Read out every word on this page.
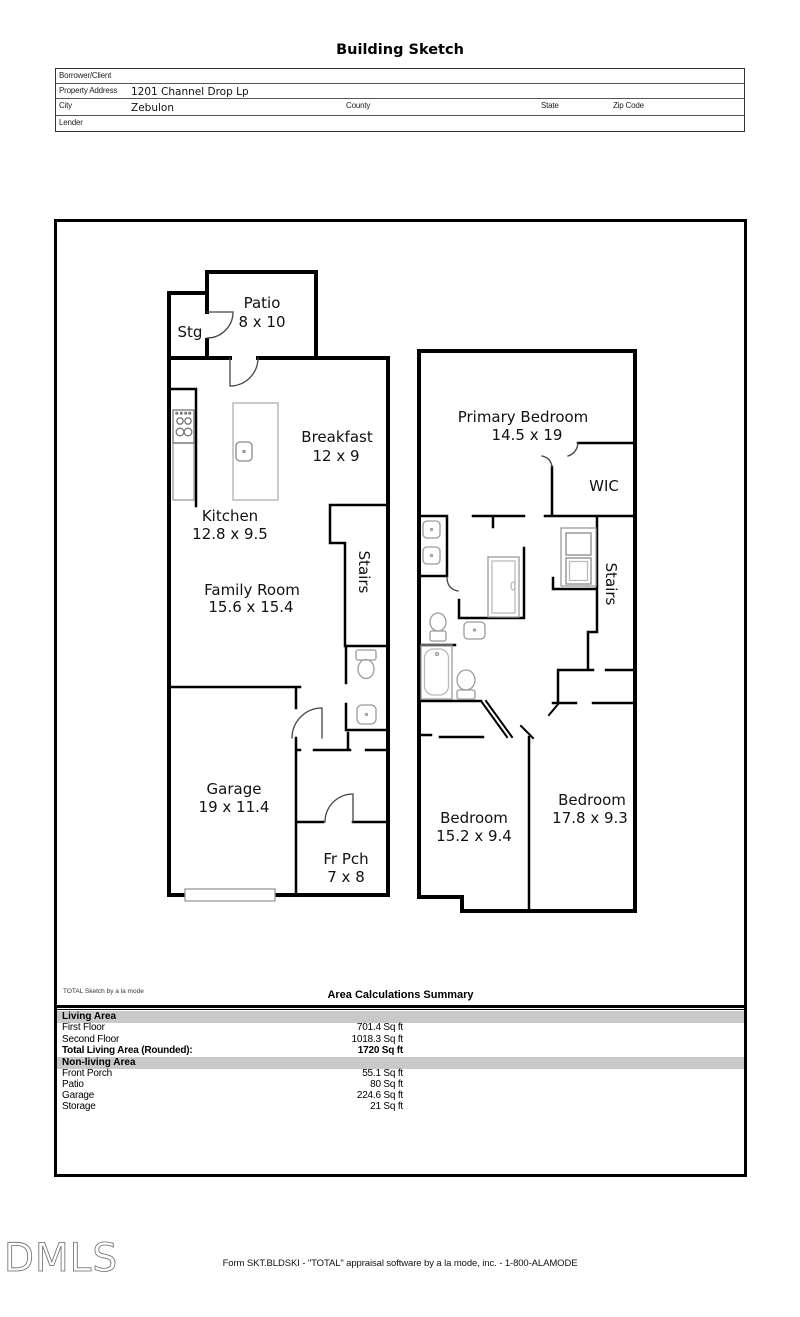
Building Sketch
Borrower/Client
Property Address 1201 Channel Drop Lp
City	Zebulon	County	State	Zip Code
Lender
Patio
8 x 10
Stg
Breakfast
12 x 9
Kitchen
12.8 x 9.5
Family Room
15.6 x 15.4
Stairs
Garage
19 x 11.4
Fr Pch
7 x 8
Primary Bedroom
14.5 x 19
WIC
Stairs
Bedroom
15.2 x 9.4
Bedroom
17.8 x 9.3
TOTAL Sketch by a la mode	Area Calculations Summary
Living Area
First Floor	701.4 Sq ft
Second Floor	1018.3 Sq ft
Total Living Area (Rounded):	1720 Sq ft
Non-living Area
Front Porch	55.1 Sq ft
Patio	80 Sq ft
Garage	224.6 Sq ft
Storage	21 Sq ft
DMLS	Form SKT.BLDSKI - "TOTAL" appraisal software by a la mode, inc. - 1-800-ALAMODE
